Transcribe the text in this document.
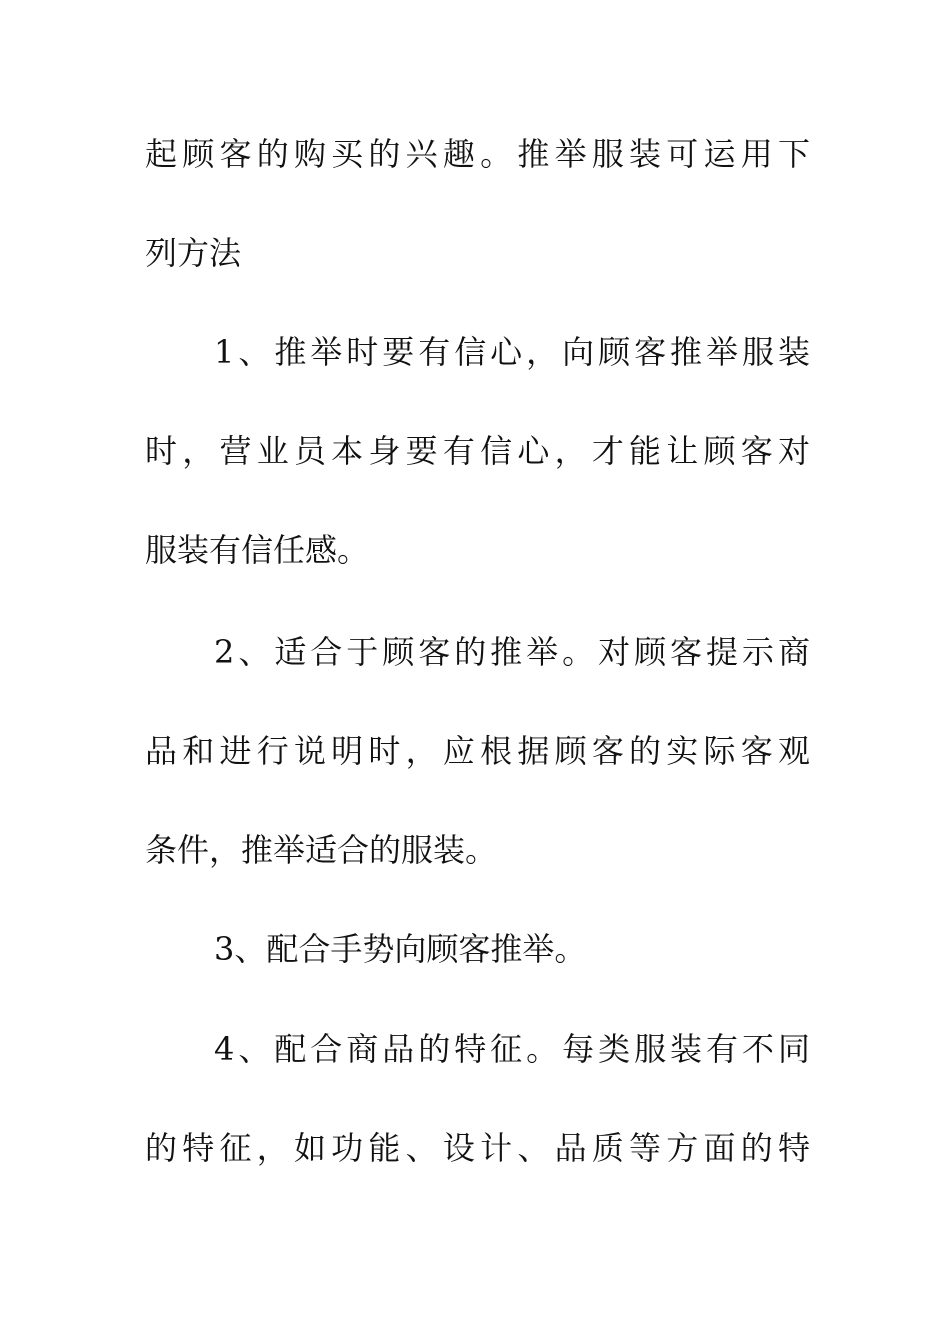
起顾客的购买的兴趣。推举服装可运用下
列方法
1、推举时要有信心，向顾客推举服装
时，营业员本身要有信心，才能让顾客对
服装有信任感。
2、适合于顾客的推举。对顾客提示商
品和进行说明时，应根据顾客的实际客观
条件，推举适合的服装。
3、配合手势向顾客推举。
4、配合商品的特征。每类服装有不同
的特征，如功能、设计、品质等方面的特
